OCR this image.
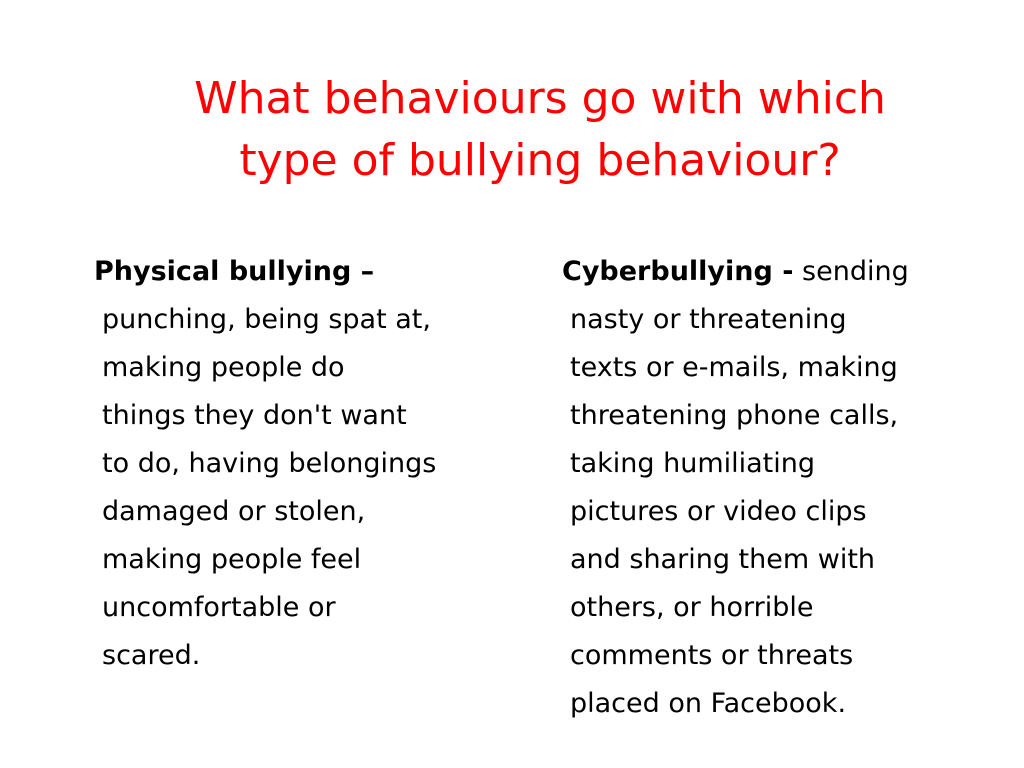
What behaviours go with which
type of bullying behaviour?
Physical bullying –
punching, being spat at,
making people do
things they don't want
to do, having belongings
damaged or stolen,
making people feel
uncomfortable or
scared.
Cyberbullying - sending
nasty or threatening
texts or e-mails, making
threatening phone calls,
taking humiliating
pictures or video clips
and sharing them with
others, or horrible
comments or threats
placed on Facebook.
